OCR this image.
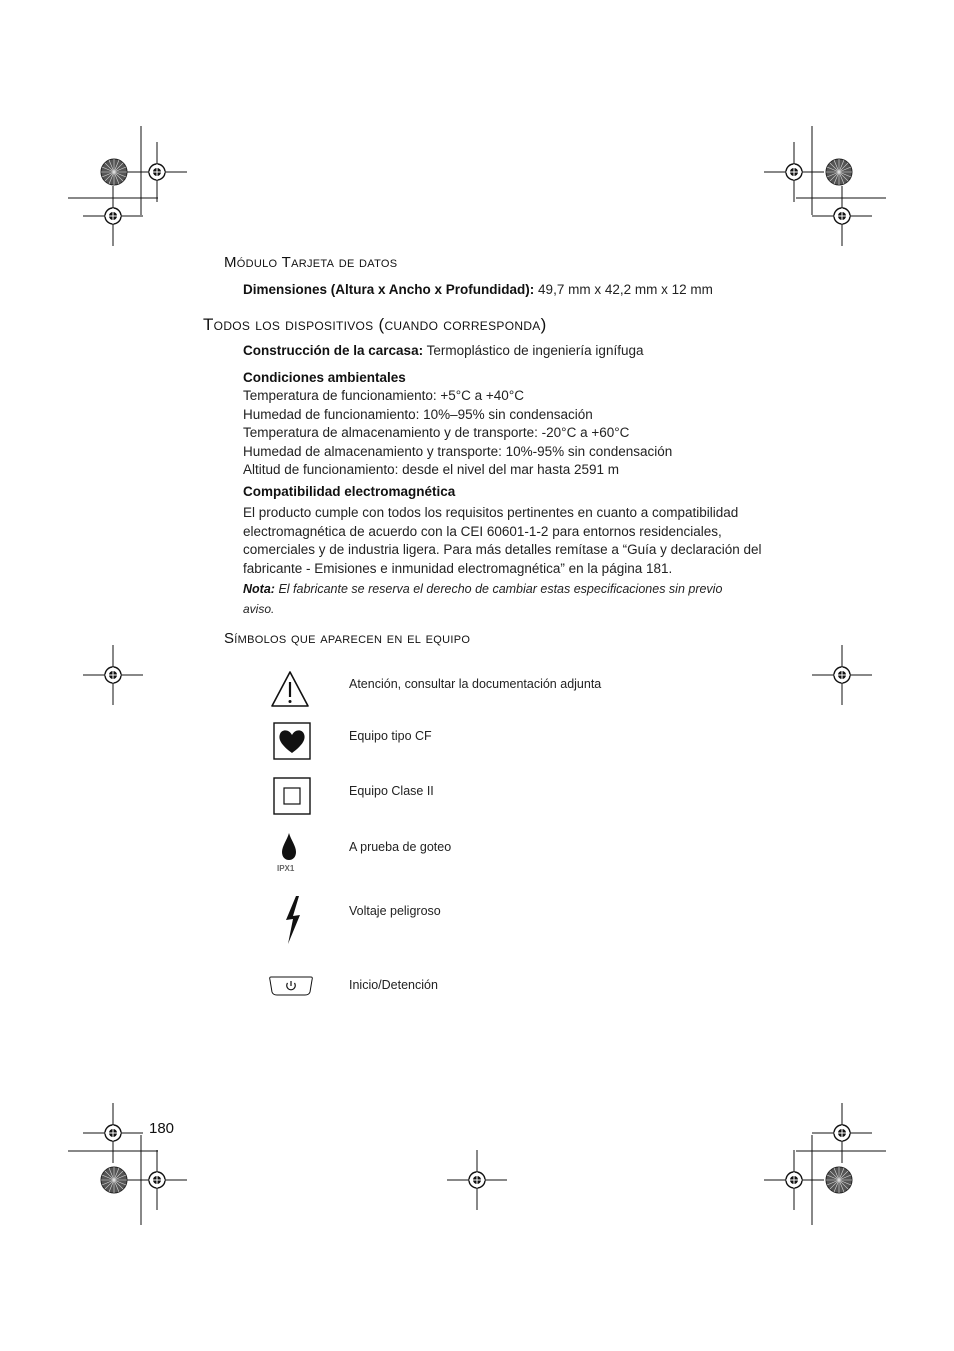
Módulo Tarjeta de datos
Dimensiones (Altura x Ancho x Profundidad): 49,7 mm x 42,2 mm x 12 mm
Todos los dispositivos (cuando corresponda)
Construcción de la carcasa: Termoplástico de ingeniería ignífuga
Condiciones ambientales
Temperatura de funcionamiento: +5°C a +40°C
Humedad de funcionamiento: 10%–95% sin condensación
Temperatura de almacenamiento y de transporte: -20°C a +60°C
Humedad de almacenamiento y transporte: 10%-95% sin condensación
Altitud de funcionamiento: desde el nivel del mar hasta 2591 m
Compatibilidad electromagnética
El producto cumple con todos los requisitos pertinentes en cuanto a compatibilidad
electromagnética de acuerdo con la CEI 60601-1-2 para entornos residenciales,
comerciales y de industria ligera. Para más detalles remítase a “Guía y declaración del
fabricante - Emisiones e inmunidad electromagnética” en la página 181.
Nota: El fabricante se reserva el derecho de cambiar estas especificaciones sin previo
aviso.
Símbolos que aparecen en el equipo
Atención, consultar la documentación adjunta
Equipo tipo CF
Equipo Clase II
IPX1
A prueba de goteo
Voltaje peligroso
Inicio/Detención
180
